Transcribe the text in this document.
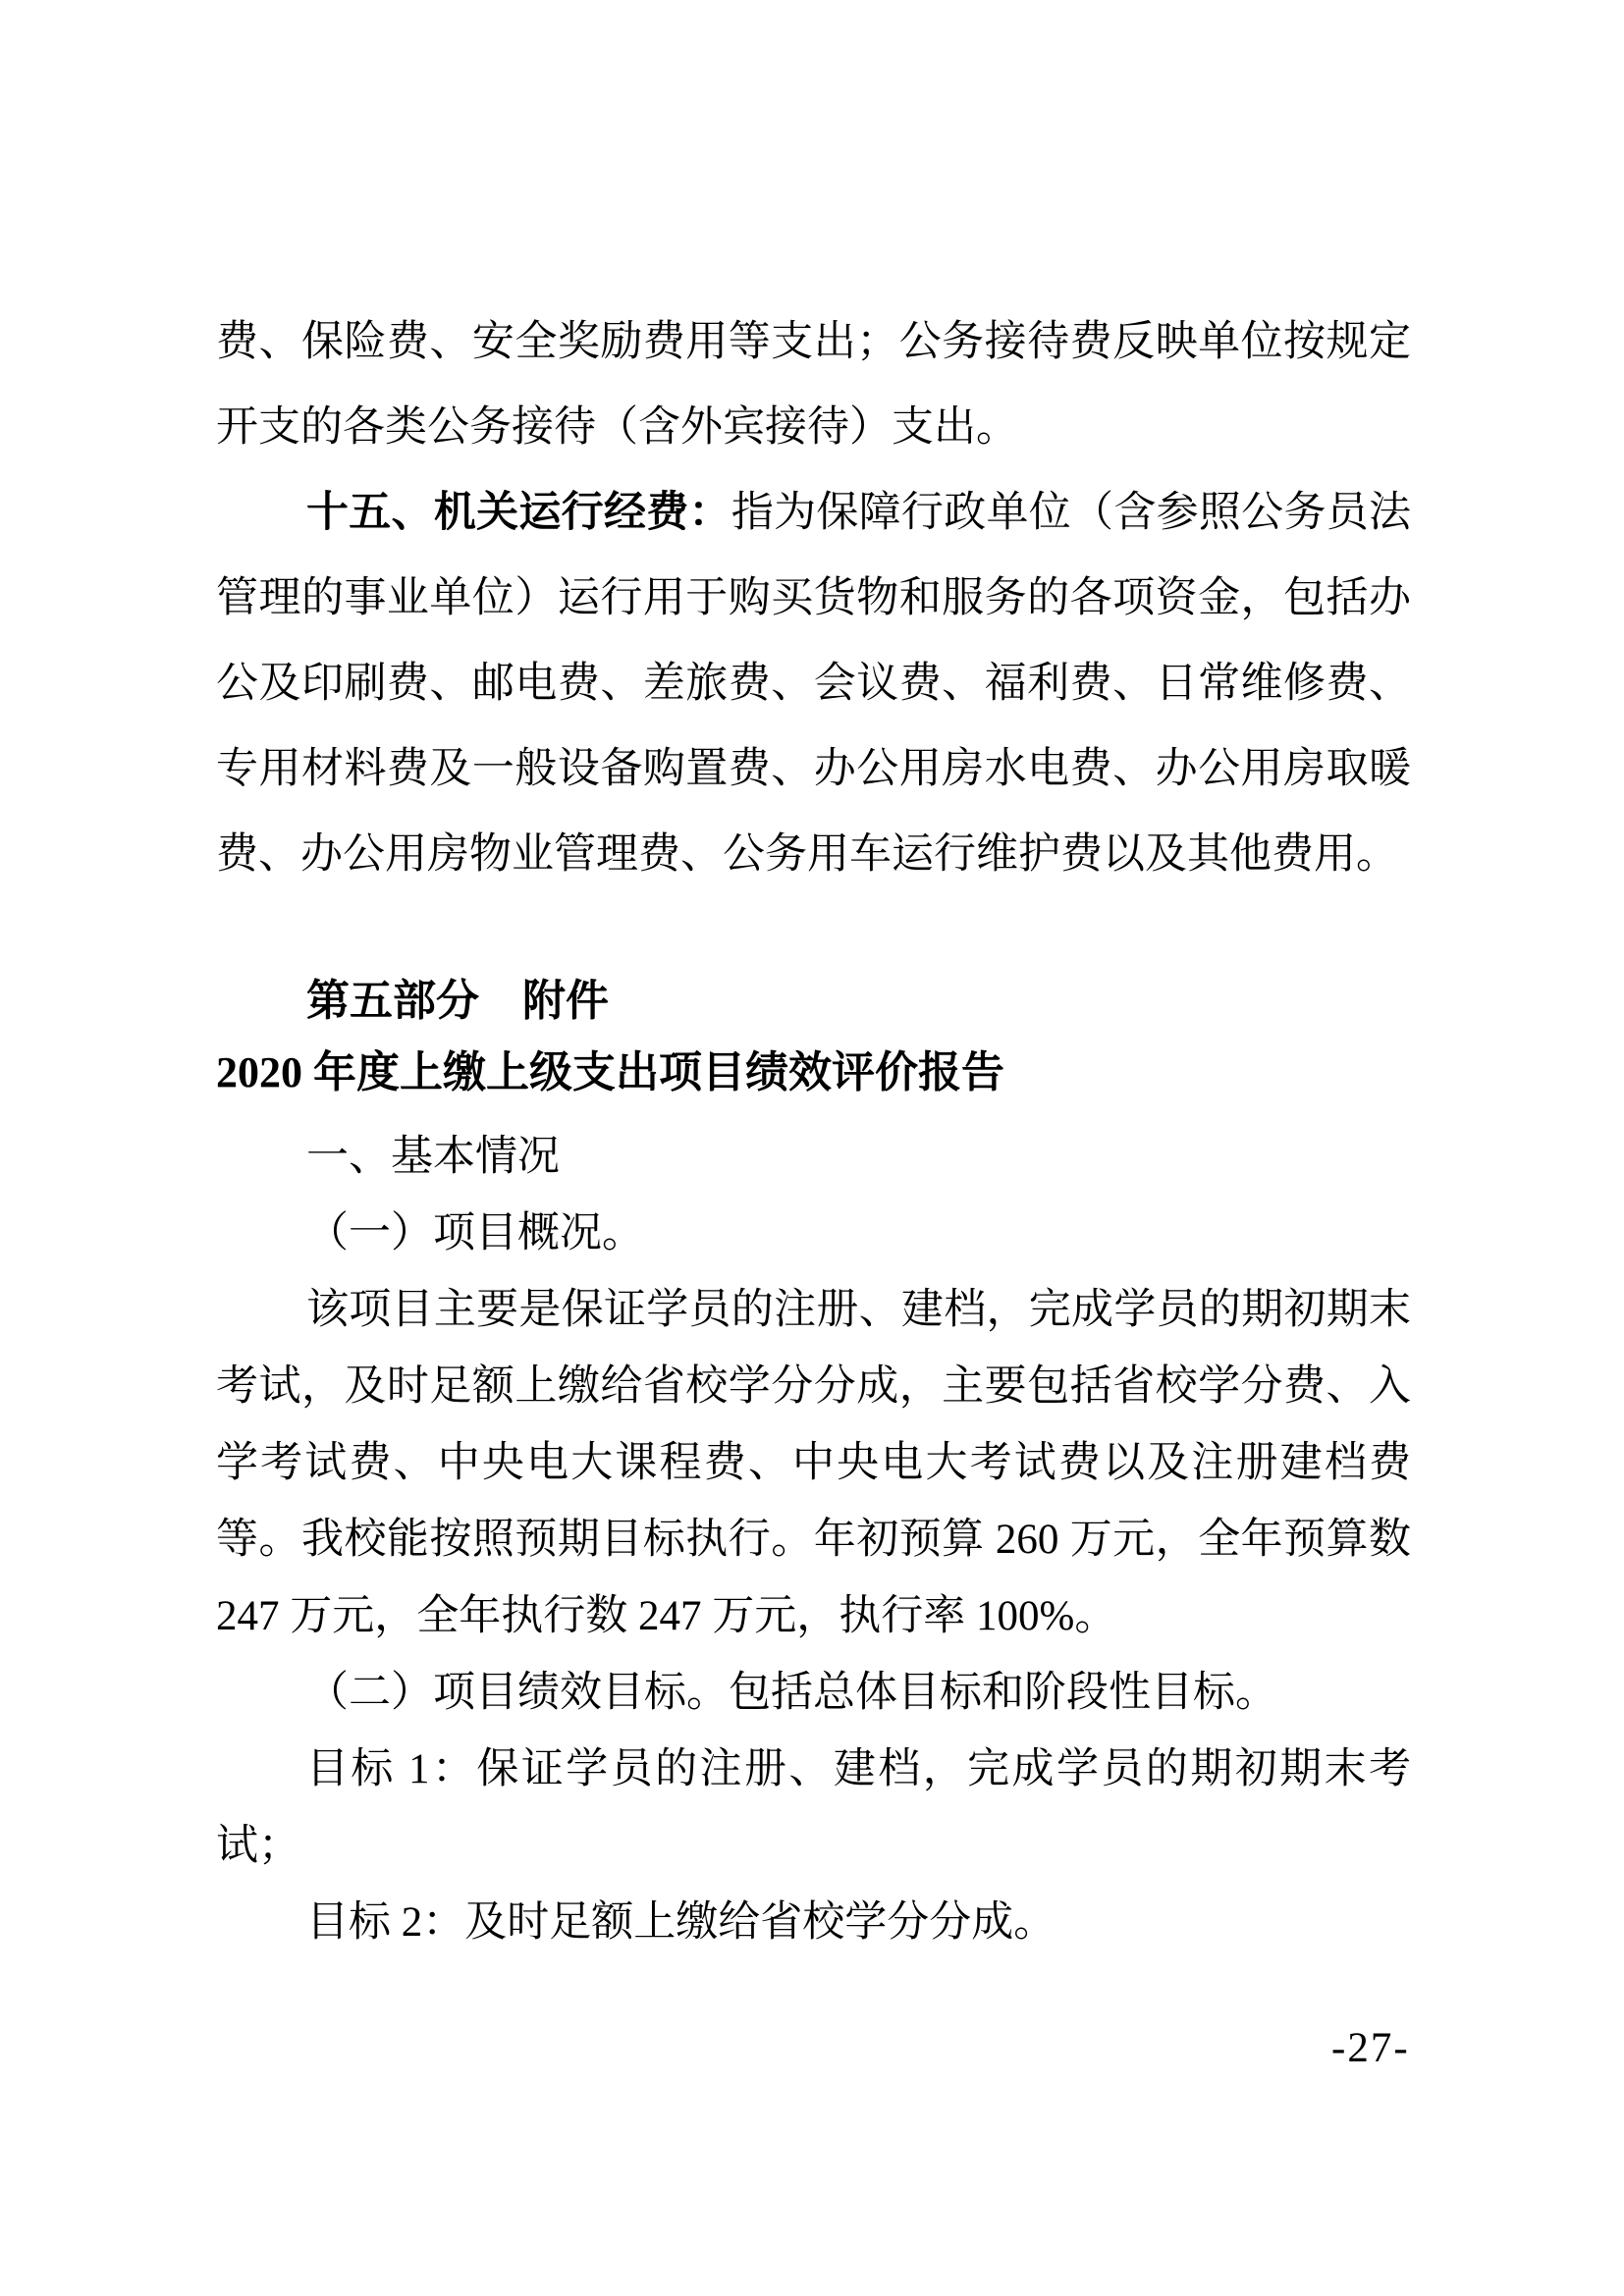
费、保险费、安全奖励费用等支出；公务接待费反映单位按规定开支的各类公务接待（含外宾接待）支出。

十五、机关运行经费：指为保障行政单位（含参照公务员法管理的事业单位）运行用于购买货物和服务的各项资金，包括办公及印刷费、邮电费、差旅费、会议费、福利费、日常维修费、专用材料费及一般设备购置费、办公用房水电费、办公用房取暖费、办公用房物业管理费、公务用车运行维护费以及其他费用。

第五部分　附件

2020 年度上缴上级支出项目绩效评价报告

一、基本情况

（一）项目概况。

该项目主要是保证学员的注册、建档，完成学员的期初期末考试，及时足额上缴给省校学分分成，主要包括省校学分费、入学考试费、中央电大课程费、中央电大考试费以及注册建档费等。我校能按照预期目标执行。年初预算 260 万元，全年预算数 247 万元，全年执行数 247 万元，执行率 100%。

（二）项目绩效目标。包括总体目标和阶段性目标。

目标 1：保证学员的注册、建档，完成学员的期初期末考试；

目标 2：及时足额上缴给省校学分分成。

-27-
